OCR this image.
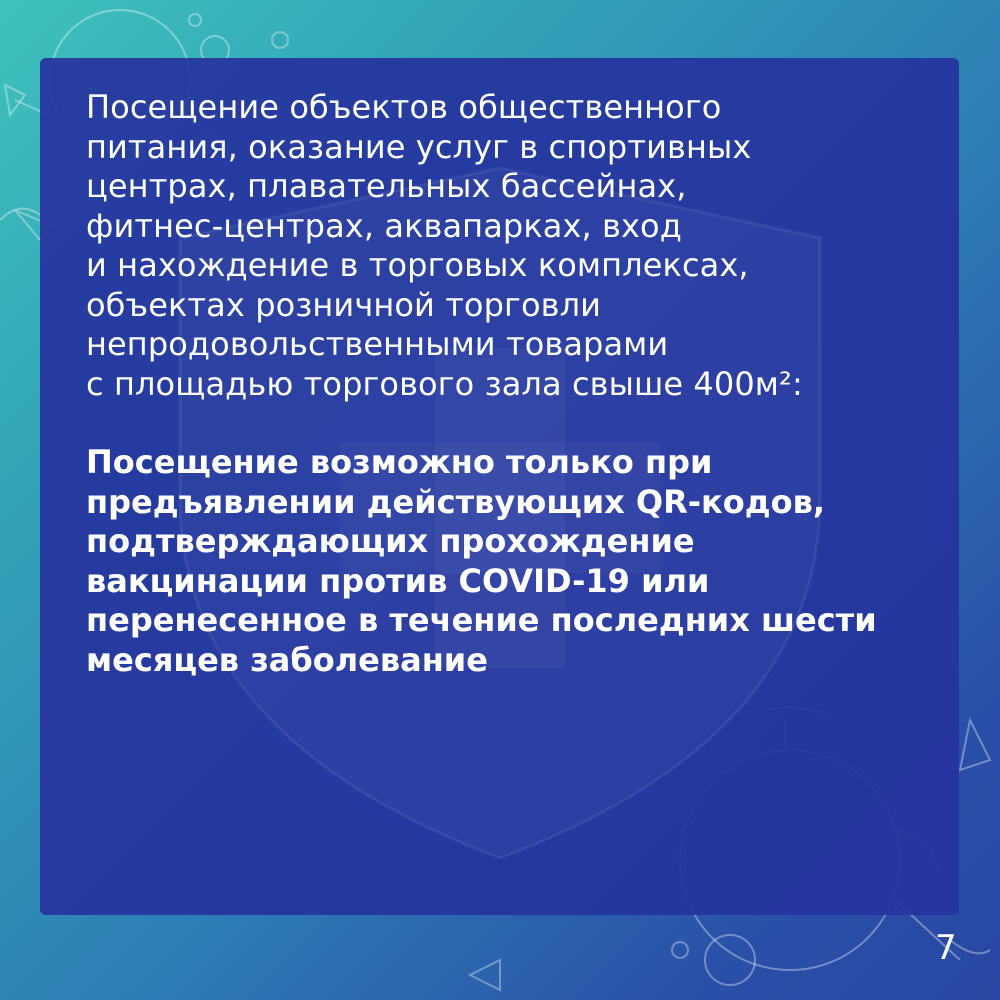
Посещение объектов общественного
питания, оказание услуг в спортивных
центрах, плавательных бассейнах,
фитнес-центрах, аквапарках, вход
и нахождение в торговых комплексах,
объектах розничной торговли
непродовольственными товарами
с площадью торгового зала свыше 400м²:

Посещение возможно только при
предъявлении действующих QR-кодов,
подтверждающих прохождение
вакцинации против COVID-19 или
перенесенное в течение последних шести
месяцев заболевание

7
